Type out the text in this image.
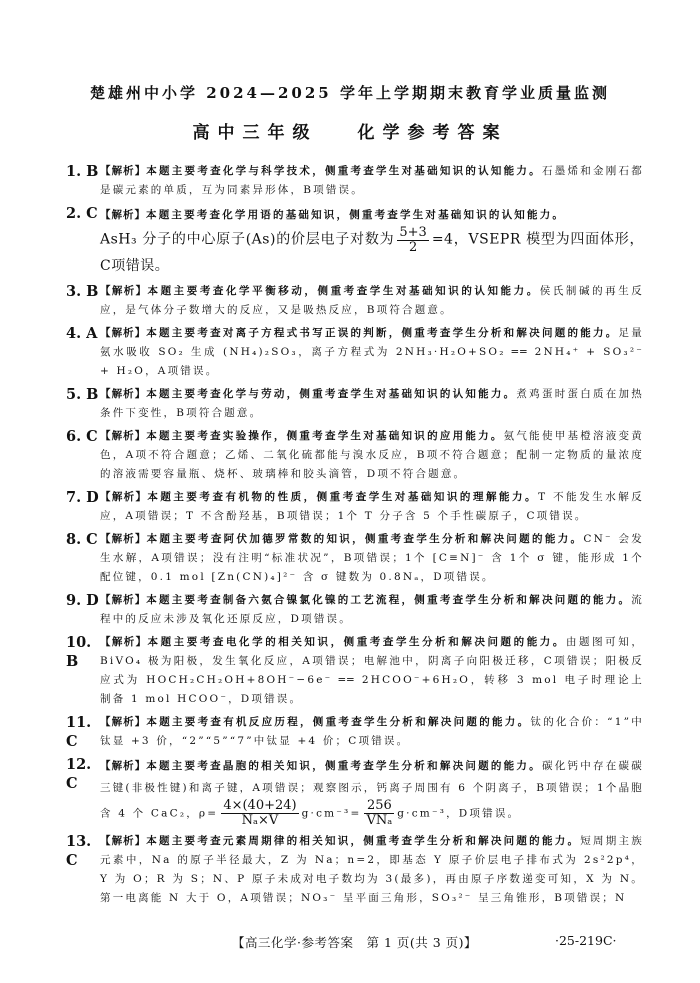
楚雄州中小学 2024—2025 学年上学期期末教育学业质量监测
高中三年级 化学参考答案
1. B 【解析】本题主要考查化学与科学技术，侧重考查学生对基础知识的认知能力。石墨烯和金刚石都是碳元素的单质，互为同素异形体，B项错误。
2. C 【解析】本题主要考查化学用语的基础知识，侧重考查学生对基础知识的认知能力。
AsH₃ 分子的中心原子(As)的价层电子对数为 $\frac{5+3}{2} =4$，VSEPR 模型为四面体形，C项错误。
3. B 【解析】本题主要考查化学平衡移动，侧重考查学生对基础知识的认知能力。侯氏制碱的再生反应，是气体分子数增大的反应，又是吸热反应，B项符合题意。
4. A 【解析】本题主要考查对离子方程式书写正误的判断，侧重考查学生分析和解决问题的能力。足量氨水吸收 SO₂ 生成 (NH₄)₂SO₃，离子方程式为 2NH₃·H₂O+SO₂ ══ 2NH₄⁺ + SO₃²⁻ + H₂O，A项错误。
5. B 【解析】本题主要考查化学与劳动，侧重考查学生对基础知识的认知能力。煮鸡蛋时蛋白质在加热条件下变性，B项符合题意。
6. C 【解析】本题主要考查实验操作，侧重考查学生对基础知识的应用能力。氨气能使甲基橙溶液变黄色，A项不符合题意；乙烯、二氧化硫都能与溴水反应，B项不符合题意；配制一定物质的量浓度的溶液需要容量瓶、烧杯、玻璃棒和胶头滴管，D项不符合题意。
7. D 【解析】本题主要考查有机物的性质，侧重考查学生对基础知识的理解能力。T 不能发生水解反应，A项错误；T 不含酚羟基，B项错误；1个 T 分子含 5 个手性碳原子，C项错误。
8. C 【解析】本题主要考查阿伏加德罗常数的知识，侧重考查学生分析和解决问题的能力。CN⁻ 会发生水解，A项错误；没有注明“标准状况”，B项错误；1个 [C≡N]⁻ 含 1个 σ 键，能形成 1个配位键，0.1 mol [Zn(CN)₄]²⁻ 含 σ 键数为 0.8Nₐ，D项错误。
9. D 【解析】本题主要考查制备六氨合镍氯化镍的工艺流程，侧重考查学生分析和解决问题的能力。流程中的反应未涉及氧化还原反应，D项错误。
10. B
【解析】本题主要考查电化学的相关知识，侧重考查学生分析和解决问题的能力。由题图可知，BiVO₄ 极为阳极，发生氧化反应，A项错误；电解池中，阴离子向阳极迁移，C项错误；阳极反应式为 HOCH₂CH₂OH+8OH⁻−6e⁻ ══ 2HCOO⁻+6H₂O，转移 3 mol 电子时理论上制备 1 mol HCOO⁻，D项错误。
11. C
【解析】本题主要考查有机反应历程，侧重考查学生分析和解决问题的能力。钛的化合价：“1”中钛显 +3 价，“2”“5”“7”中钛显 +4 价；C项错误。
12. C
【解析】本题主要考查晶胞的相关知识，侧重考查学生分析和解决问题的能力。碳化钙中存在碳碳三键(非极性键)和离子键，A项错误；观察图示，钙离子周围有 6 个阴离子，B项错误；1个晶胞含 4 个 CaC₂，$\rho= \frac{4\times(40+24)}{\text{Nₐ×V}} g\cdot cm^{-3}= \frac{256}{\text{VNₐ}} g\cdot cm^{-3}$，D项错误。
13. C
【解析】本题主要考查元素周期律的相关知识，侧重考查学生分析和解决问题的能力。短周期主族元素中，Na 的原子半径最大，Z 为 Na；n=2，即基态 Y 原子价层电子排布式为 2s²2p⁴，Y 为 O；R 为 S；N、P 原子未成对电子数均为 3(最多)，再由原子序数递变可知，X 为 N。第一电离能 N 大于 O，A项错误；NO₃⁻ 呈平面三角形，SO₃²⁻ 呈三角锥形，B项错误；N
【高三化学·参考答案　第 1 页(共 3 页)】	·25-219C·
